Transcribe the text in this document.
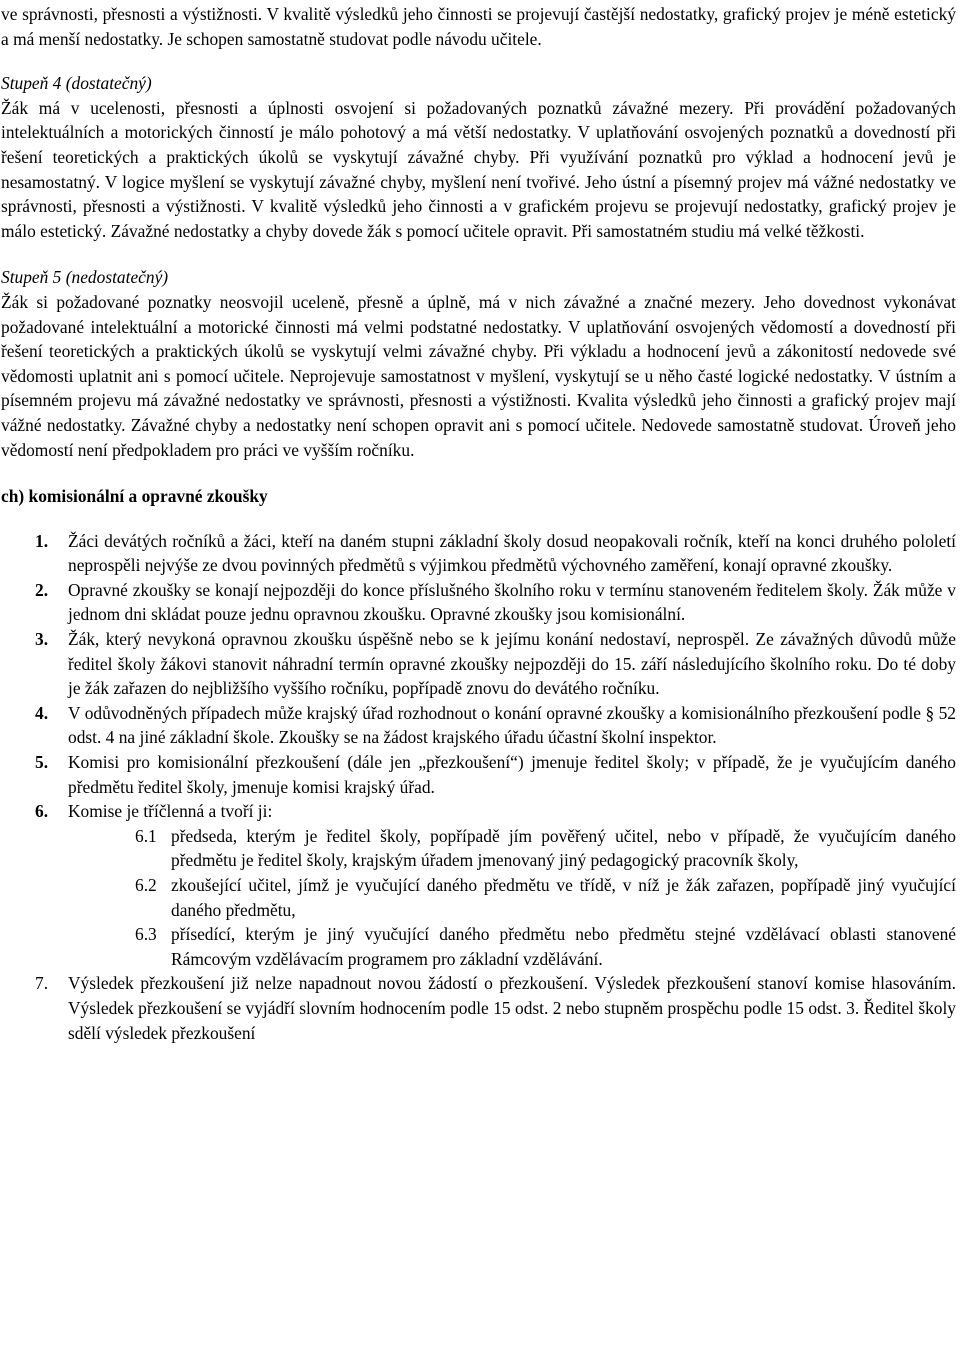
ve správnosti, přesnosti a výstižnosti. V kvalitě výsledků jeho činnosti se projevují častější nedostatky, grafický projev je méně estetický a má menší nedostatky. Je schopen samostatně studovat podle návodu učitele.

Stupeň 4 (dostatečný)

Žák má v ucelenosti, přesnosti a úplnosti osvojení si požadovaných poznatků závažné mezery. Při provádění požadovaných intelektuálních a motorických činností je málo pohotový a má větší nedostatky. V uplatňování osvojených poznatků a dovedností při řešení teoretických a praktických úkolů se vyskytují závažné chyby. Při využívání poznatků pro výklad a hodnocení jevů je nesamostatný. V logice myšlení se vyskytují závažné chyby, myšlení není tvořivé. Jeho ústní a písemný projev má vážné nedostatky ve správnosti, přesnosti a výstižnosti. V kvalitě výsledků jeho činnosti a v grafickém projevu se projevují nedostatky, grafický projev je málo estetický. Závažné nedostatky a chyby dovede žák s pomocí učitele opravit. Při samostatném studiu má velké těžkosti.

Stupeň 5 (nedostatečný)

Žák si požadované poznatky neosvojil uceleně, přesně a úplně, má v nich závažné a značné mezery. Jeho dovednost vykonávat požadované intelektuální a motorické činnosti má velmi podstatné nedostatky. V uplatňování osvojených vědomostí a dovedností při řešení teoretických a praktických úkolů se vyskytují velmi závažné chyby. Při výkladu a hodnocení jevů a zákonitostí nedovede své vědomosti uplatnit ani s pomocí učitele. Neprojevuje samostatnost v myšlení, vyskytují se u něho časté logické nedostatky. V ústním a písemném projevu má závažné nedostatky ve správnosti, přesnosti a výstižnosti. Kvalita výsledků jeho činnosti a grafický projev mají vážné nedostatky. Závažné chyby a nedostatky není schopen opravit ani s pomocí učitele. Nedovede samostatně studovat. Úroveň jeho vědomostí není předpokladem pro práci ve vyšším ročníku.

ch) komisionální a opravné zkoušky

1. Žáci devátých ročníků a žáci, kteří na daném stupni základní školy dosud neopakovali ročník, kteří na konci druhého pololetí neprospěli nejvýše ze dvou povinných předmětů s výjimkou předmětů výchovného zaměření, konají opravné zkoušky.
2. Opravné zkoušky se konají nejpozději do konce příslušného školního roku v termínu stanoveném ředitelem školy. Žák může v jednom dni skládat pouze jednu opravnou zkoušku. Opravné zkoušky jsou komisionální.
3. Žák, který nevykoná opravnou zkoušku úspěšně nebo se k jejímu konání nedostaví, neprospěl. Ze závažných důvodů může ředitel školy žákovi stanovit náhradní termín opravné zkoušky nejpozději do 15. září následujícího školního roku. Do té doby je žák zařazen do nejbližšího vyššího ročníku, popřípadě znovu do devátého ročníku.
4. V odůvodněných případech může krajský úřad rozhodnout o konání opravné zkoušky a komisionálního přezkoušení podle § 52 odst. 4 na jiné základní škole. Zkoušky se na žádost krajského úřadu účastní školní inspektor.
5. Komisi pro komisionální přezkoušení (dále jen „přezkoušení“) jmenuje ředitel školy; v případě, že je vyučujícím daného předmětu ředitel školy, jmenuje komisi krajský úřad.
6. Komise je tříčlenná a tvoří ji:
6.1 předseda, kterým je ředitel školy, popřípadě jím pověřený učitel, nebo v případě, že vyučujícím daného předmětu je ředitel školy, krajským úřadem jmenovaný jiný pedagogický pracovník školy,
6.2 zkoušející učitel, jímž je vyučující daného předmětu ve třídě, v níž je žák zařazen, popřípadě jiný vyučující daného předmětu,
6.3 přísedící, kterým je jiný vyučující daného předmětu nebo předmětu stejné vzdělávací oblasti stanovené Rámcovým vzdělávacím programem pro základní vzdělávání.
7. Výsledek přezkoušení již nelze napadnout novou žádostí o přezkoušení. Výsledek přezkoušení stanoví komise hlasováním. Výsledek přezkoušení se vyjádří slovním hodnocením podle 15 odst. 2 nebo stupněm prospěchu podle 15 odst. 3. Ředitel školy sdělí výsledek přezkoušení
